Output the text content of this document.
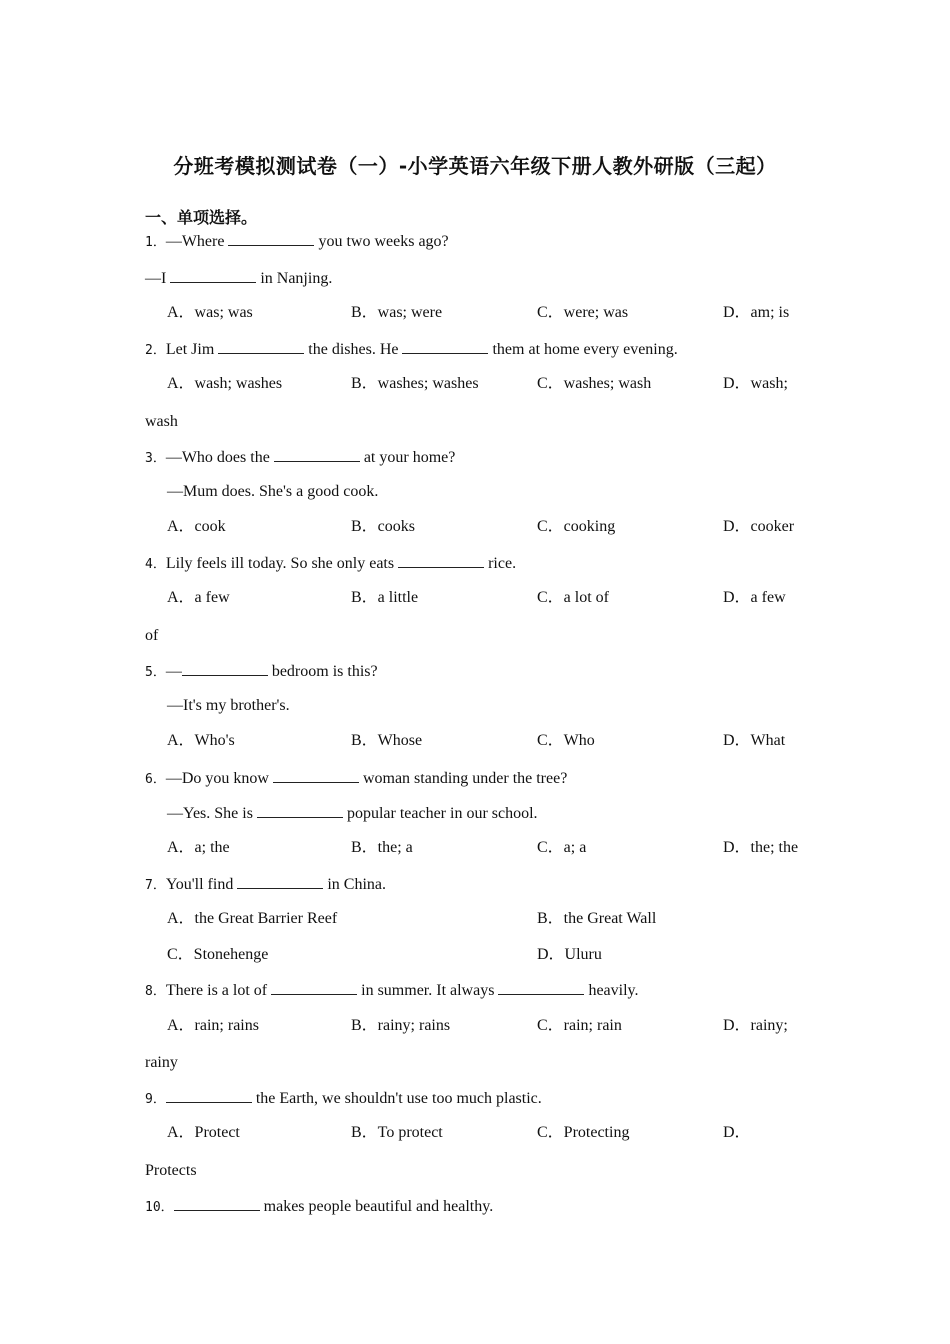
分班考模拟测试卷（一）-小学英语六年级下册人教外研版（三起）
一、单项选择。
1．—Where	you two weeks ago?
—I	in Nanjing.
A．was; was	B．was; were	C．were; was	D．am; is
2．Let Jim	the dishes. He	them at home every evening.
A．wash; washes	B．washes; washes	C．washes; wash	D．wash;
wash
3．—Who does the	at your home?
—Mum does. She's a good cook.
A．cook	B．cooks	C．cooking	D．cooker
4．Lily feels ill today. So she only eats	rice.
A．a few	B．a little	C．a lot of	D．a few
of
5．—	bedroom is this?
—It's my brother's.
A．Who's	B．Whose	C．Who	D．What
6．—Do you know	woman standing under the tree?
—Yes. She is	popular teacher in our school.
A．a; the	B．the; a	C．a; a	D．the; the
7．You'll find	in China.
A．the Great Barrier Reef	B．the Great Wall
C．Stonehenge	D．Uluru
8．There is a lot of	in summer. It always	heavily.
A．rain; rains	B．rainy; rains	C．rain; rain	D．rainy;
rainy
9．	the Earth, we shouldn't use too much plastic.
A．Protect	B．To protect	C．Protecting	D．
Protects
10．	makes people beautiful and healthy.
